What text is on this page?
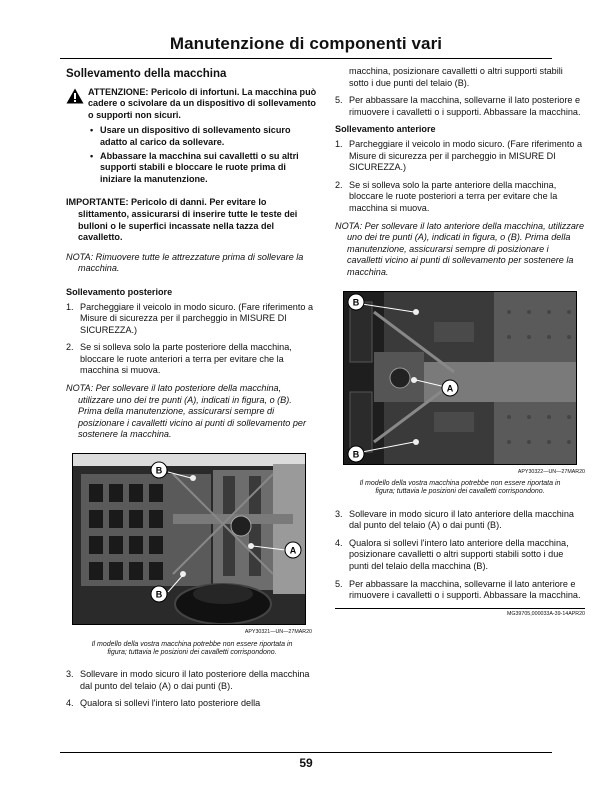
Manutenzione di componenti vari
Sollevamento della macchina
ATTENZIONE: Pericolo di infortuni. La macchina può cadere o scivolare da un dispositivo di sollevamento o supporti non sicuri.
• Usare un dispositivo di sollevamento sicuro adatto al carico da sollevare.
• Abbassare la macchina sui cavalletti o su altri supporti stabili e bloccare le ruote prima di iniziare la manutenzione.
IMPORTANTE: Pericolo di danni. Per evitare lo slittamento, assicurarsi di inserire tutte le teste dei bulloni o le superfici incassate nella tazza del cavalletto.
NOTA: Rimuovere tutte le attrezzature prima di sollevare la macchina.
Sollevamento posteriore
1. Parcheggiare il veicolo in modo sicuro. (Fare riferimento a Misure di sicurezza per il parcheggio in MISURE DI SICUREZZA.)
2. Se si solleva solo la parte posteriore della macchina, bloccare le ruote anteriori a terra per evitare che la macchina si muova.
NOTA: Per sollevare il lato posteriore della macchina, utilizzare uno dei tre punti (A), indicati in figura, o (B). Prima della manutenzione, assicurarsi sempre di posizionare i cavalletti vicino ai punti di sollevamento per sostenere la macchina.
B
B
A
APY30321—UN—27MAR20
Il modello della vostra macchina potrebbe non essere riportata in figura; tuttavia le posizioni dei cavalletti corrispondono.
3. Sollevare in modo sicuro il lato posteriore della macchina dal punto del telaio (A) o dai punti (B).
4. Qualora si sollevi l'intero lato posteriore della
macchina, posizionare cavalletti o altri supporti stabili sotto i due punti del telaio (B).
5. Per abbassare la macchina, sollevarne il lato posteriore e rimuovere i cavalletti o i supporti. Abbassare la macchina.
Sollevamento anteriore
1. Parcheggiare il veicolo in modo sicuro. (Fare riferimento a Misure di sicurezza per il parcheggio in MISURE DI SICUREZZA.)
2. Se si solleva solo la parte anteriore della macchina, bloccare le ruote posteriori a terra per evitare che la macchina si muova.
NOTA: Per sollevare il lato anteriore della macchina, utilizzare uno dei tre punti (A), indicati in figura, o (B). Prima della manutenzione, assicurarsi sempre di posizionare i cavalletti vicino ai punti di sollevamento per sostenere la macchina.
B
B
A
APY30322—UN—27MAR20
Il modello della vostra macchina potrebbe non essere riportata in figura; tuttavia le posizioni dei cavalletti corrispondono.
3. Sollevare in modo sicuro il lato anteriore della macchina dal punto del telaio (A) o dai punti (B).
4. Qualora si sollevi l'intero lato anteriore della macchina, posizionare cavalletti o altri supporti stabili sotto i due punti del telaio della macchina (B).
5. Per abbassare la macchina, sollevarne il lato anteriore e rimuovere i cavalletti o i supporti. Abbassare la macchina.
MG39705,000033A-39-14APR20
59
